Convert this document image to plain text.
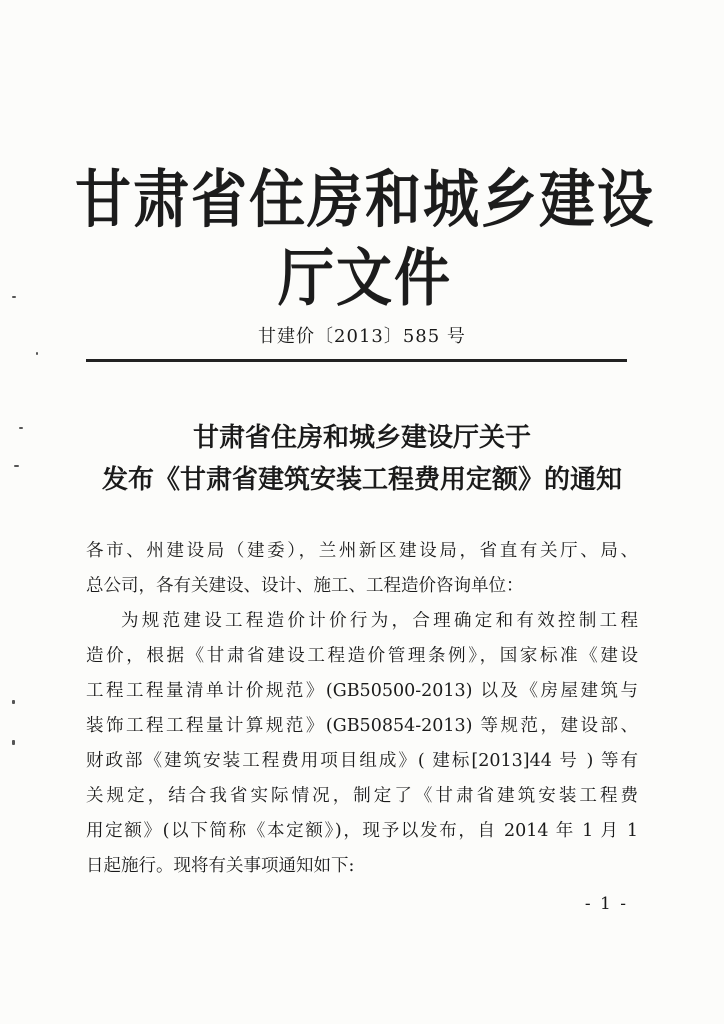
甘肃省住房和城乡建设厅文件
甘建价〔2013〕585 号
甘肃省住房和城乡建设厅关于
发布《甘肃省建筑安装工程费用定额》的通知
各市、州建设局（建委），兰州新区建设局，省直有关厅、局、
总公司，各有关建设、设计、施工、工程造价咨询单位：
为规范建设工程造价计价行为，合理确定和有效控制工程
造价，根据《甘肃省建设工程造价管理条例》，国家标准《建设
工程工程量清单计价规范》(GB50500-2013) 以及《房屋建筑与
装饰工程工程量计算规范》(GB50854-2013) 等规范，建设部、
财政部《建筑安装工程费用项目组成》( 建标[2013]44 号 ) 等有
关规定，结合我省实际情况，制定了《甘肃省建筑安装工程费
用定额》(以下简称《本定额》)，现予以发布，自 2014 年 1 月 1
日起施行。现将有关事项通知如下:
- 1 -
